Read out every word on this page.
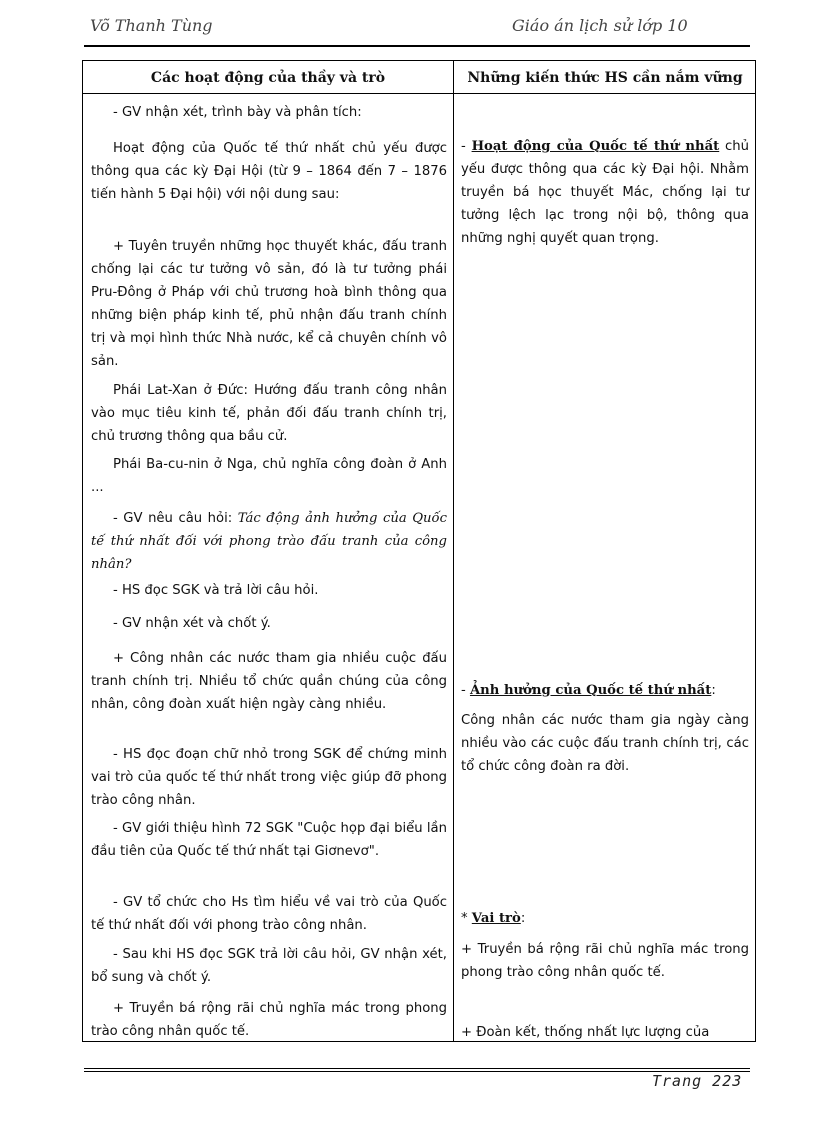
Võ Thanh Tùng	Giáo án lịch sử lớp 10
Các hoạt động của thầy và trò	Những kiến thức HS cần nắm vững

- GV nhận xét, trình bày và phân tích:

Hoạt động của Quốc tế thứ nhất chủ yếu được thông qua các kỳ Đại Hội (từ 9 – 1864 đến 7 – 1876 tiến hành 5 Đại hội) với nội dung sau:

+ Tuyên truyền những học thuyết khác, đấu tranh chống lại các tư tưởng vô sản, đó là tư tưởng phái Pru-Đông ở Pháp với chủ trương hoà bình thông qua những biện pháp kinh tế, phủ nhận đấu tranh chính trị và mọi hình thức Nhà nước, kể cả chuyên chính vô sản.

Phái Lat-Xan ở Đức: Hướng đấu tranh công nhân vào mục tiêu kinh tế, phản đối đấu tranh chính trị, chủ trương thông qua bầu cử.

Phái Ba-cu-nin ở Nga, chủ nghĩa công đoàn ở Anh ...

- GV nêu câu hỏi: Tác động ảnh hưởng của Quốc tế thứ nhất đối với phong trào đấu tranh của công nhân?

- HS đọc SGK và trả lời câu hỏi.

- GV nhận xét và chốt ý.

+ Công nhân các nước tham gia nhiều cuộc đấu tranh chính trị. Nhiều tổ chức quần chúng của công nhân, công đoàn xuất hiện ngày càng nhiều.

- HS đọc đoạn chữ nhỏ trong SGK để chứng minh vai trò của quốc tế thứ nhất trong việc giúp đỡ phong trào công nhân.

- GV giới thiệu hình 72 SGK "Cuộc họp đại biểu lần đầu tiên của Quốc tế thứ nhất tại Giơnevơ".

- GV tổ chức cho Hs tìm hiểu về vai trò của Quốc tế thứ nhất đối với phong trào công nhân.

- Sau khi HS đọc SGK trả lời câu hỏi, GV nhận xét, bổ sung và chốt ý.

+ Truyền bá rộng rãi chủ nghĩa mác trong phong trào công nhân quốc tế.

- Hoạt động của Quốc tế thứ nhất chủ yếu được thông qua các kỳ Đại hội. Nhằm truyền bá học thuyết Mác, chống lại tư tưởng lệch lạc trong nội bộ, thông qua những nghị quyết quan trọng.

- Ảnh hưởng của Quốc tế thứ nhất:

Công nhân các nước tham gia ngày càng nhiều vào các cuộc đấu tranh chính trị, các tổ chức công đoàn ra đời.

* Vai trò:

+ Truyền bá rộng rãi chủ nghĩa mác trong phong trào công nhân quốc tế.

+ Đoàn kết, thống nhất lực lượng của

Trang 223
